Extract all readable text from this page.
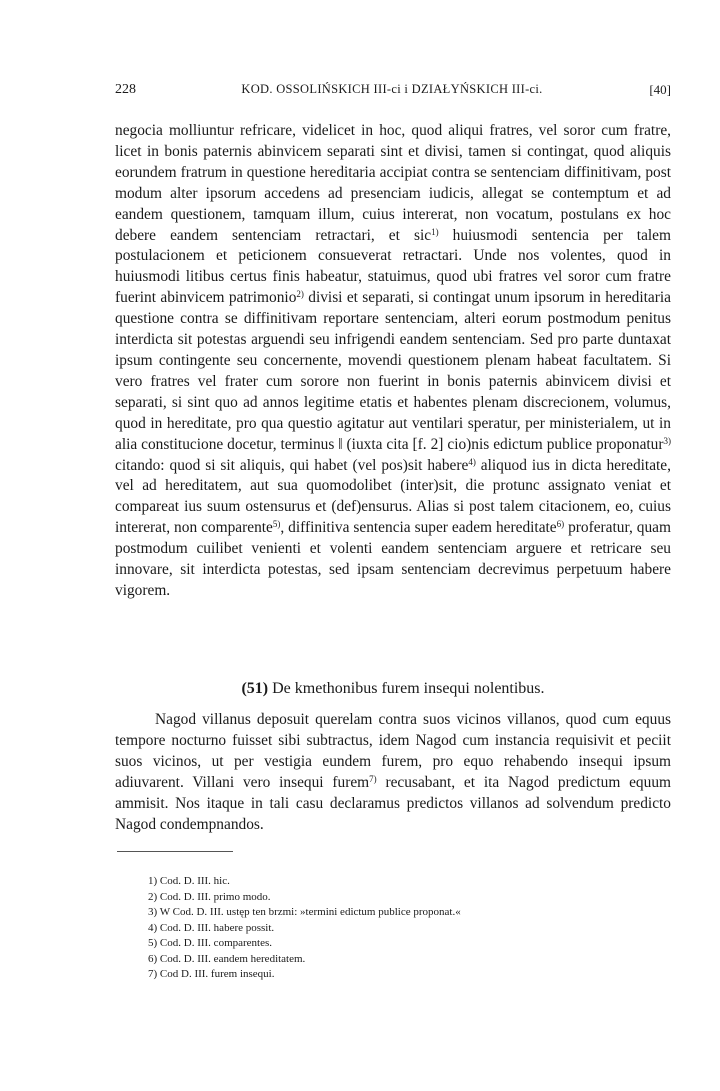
228	KOD. OSSOLIŃSKICH III-ci i DZIAŁYŃSKICH III-ci.	[40]

negocia molliuntur refricare, videlicet in hoc, quod aliqui fratres, vel soror cum fratre, licet in bonis paternis abinvicem separati sint et divisi, tamen si contingat, quod aliquis eorundem fratrum in questione hereditaria accipiat contra se sentenciam diffinitivam, post modum alter ipsorum accedens ad presenciam iudicis, allegat se contemptum et ad eandem questionem, tamquam illum, cuius intererat, non vocatum, postulans ex hoc debere eandem sentenciam retractari, et sic$^{1)}$ huiusmodi sentencia per talem postulacionem et peticionem consueverat retractari. Unde nos volentes, quod in huiusmodi litibus certus finis habeatur, statuimus, quod ubi fratres vel soror cum fratre fuerint abinvicem patrimonio$^{2)}$ divisi et separati, si contingat unum ipsorum in hereditaria questione contra se diffinitivam reportare sentenciam, alteri eorum postmodum penitus interdicta sit potestas arguendi seu infrigendi eandem sentenciam. Sed pro parte duntaxat ipsum contingente seu concernente, movendi questionem plenam habeat facultatem. Si vero fratres vel frater cum sorore non fuerint in bonis paternis abinvicem divisi et separati, si sint quo ad annos legitime etatis et habentes plenam discrecionem, volumus, quod in hereditate, pro qua questio agitatur aut ventilari speratur, per ministerialem, ut in alia constitucione docetur, terminus ‖ (iuxta cita [f. 2] cio)nis edictum publice proponatur$^{3)}$ citando: quod si sit aliquis, qui habet (vel pos)sit habere$^{4)}$ aliquod ius in dicta hereditate, vel ad hereditatem, aut sua quomodolibet (inter)sit, die protunc assignato veniat et compareat ius suum ostensurus et (def)ensurus. Alias si post talem citacionem, eo, cuius intererat, non comparente$^{5)}$, diffinitiva sentencia super eadem hereditate$^{6)}$ proferatur, quam postmodum cuilibet venienti et volenti eandem sentenciam arguere et retricare seu innovare, sit interdicta potestas, sed ipsam sentenciam decrevimus perpetuum habere vigorem.

(51) De kmethonibus furem insequi nolentibus.

Nagod villanus deposuit querelam contra suos vicinos villanos, quod cum equus tempore nocturno fuisset sibi subtractus, idem Nagod cum instancia requisivit et peciit suos vicinos, ut per vestigia eundem furem, pro equo rehabendo insequi ipsum adiuvarent. Villani vero insequi furem$^{7)}$ recusabant, et ita Nagod predictum equum ammisit. Nos itaque in tali casu declaramus predictos villanos ad solvendum predicto Nagod condempnandos.

1) Cod. D. III. hic.
2) Cod. D. III. primo modo.
3) W Cod. D. III. ustęp ten brzmi: »termini edictum publice proponat.«
4) Cod. D. III. habere possit.
5) Cod. D. III. comparentes.
6) Cod. D. III. eandem hereditatem.
7) Cod D. III. furem insequi.
